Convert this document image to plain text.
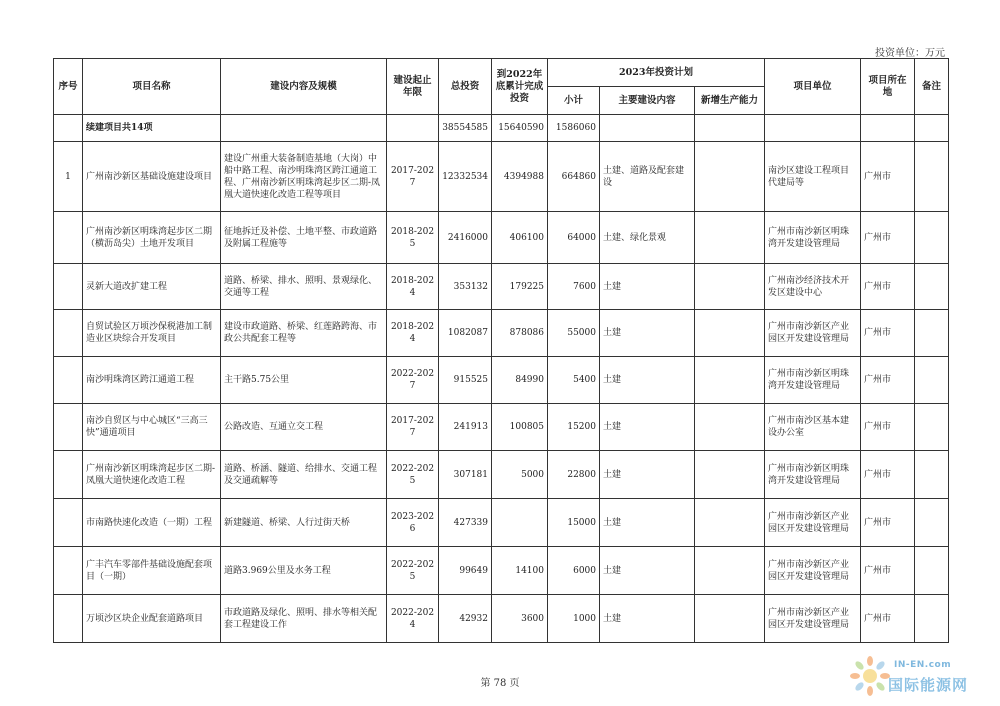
投资单位：万元
序号	项目名称	建设内容及规模	建设起止年限	总投资	到2022年底累计完成投资	2023年投资计划			项目单位	项目所在地	备注
						小计	主要建设内容	新增生产能力			
	续建项目共14项			38554585	15640590	1586060					
1	广州南沙新区基础设施建设项目	建设广州重大装备制造基地（大岗）中船中路工程、南沙明珠湾区跨江通道工程、广州南沙新区明珠湾起步区二期-凤凰大道快速化改造工程等项目	2017-2027	12332534	4394988	664860	土建、道路及配套建设		南沙区建设工程项目代建局等	广州市	
	广州南沙新区明珠湾起步区二期（横沥岛尖）土地开发项目	征地拆迁及补偿、土地平整、市政道路及附属工程施等	2018-2025	2416000	406100	64000	土建、绿化景观		广州市南沙新区明珠湾开发建设管理局	广州市	
	灵新大道改扩建工程	道路、桥梁、排水、照明、景观绿化、交通等工程	2018-2024	353132	179225	7600	土建		广州南沙经济技术开发区建设中心	广州市	
	自贸试验区万顷沙保税港加工制造业区块综合开发项目	建设市政道路、桥梁、红莲路跨海、市政公共配套工程等	2018-2024	1082087	878086	55000	土建		广州市南沙新区产业园区开发建设管理局	广州市	
	南沙明珠湾区跨江通道工程	主干路5.75公里	2022-2027	915525	84990	5400	土建		广州市南沙新区明珠湾开发建设管理局	广州市	
	南沙自贸区与中心城区“三高三快”通道项目	公路改造、互通立交工程	2017-2027	241913	100805	15200	土建		广州市南沙区基本建设办公室	广州市	
	广州南沙新区明珠湾起步区二期-凤凰大道快速化改造工程	道路、桥涵、隧道、给排水、交通工程及交通疏解等	2022-2025	307181	5000	22800	土建		广州市南沙新区明珠湾开发建设管理局	广州市	
	市南路快速化改造（一期）工程	新建隧道、桥梁、人行过街天桥	2023-2026	427339		15000	土建		广州市南沙新区产业园区开发建设管理局	广州市	
	广丰汽车零部件基础设施配套项目（一期）	道路3.969公里及水务工程	2022-2025	99649	14100	6000	土建		广州市南沙新区产业园区开发建设管理局	广州市	
	万顷沙区块企业配套道路项目	市政道路及绿化、照明、排水等相关配套工程建设工作	2022-2024	42932	3600	1000	土建		广州市南沙新区产业园区开发建设管理局	广州市	
第 78 页
IN-EN.com
国际能源网
